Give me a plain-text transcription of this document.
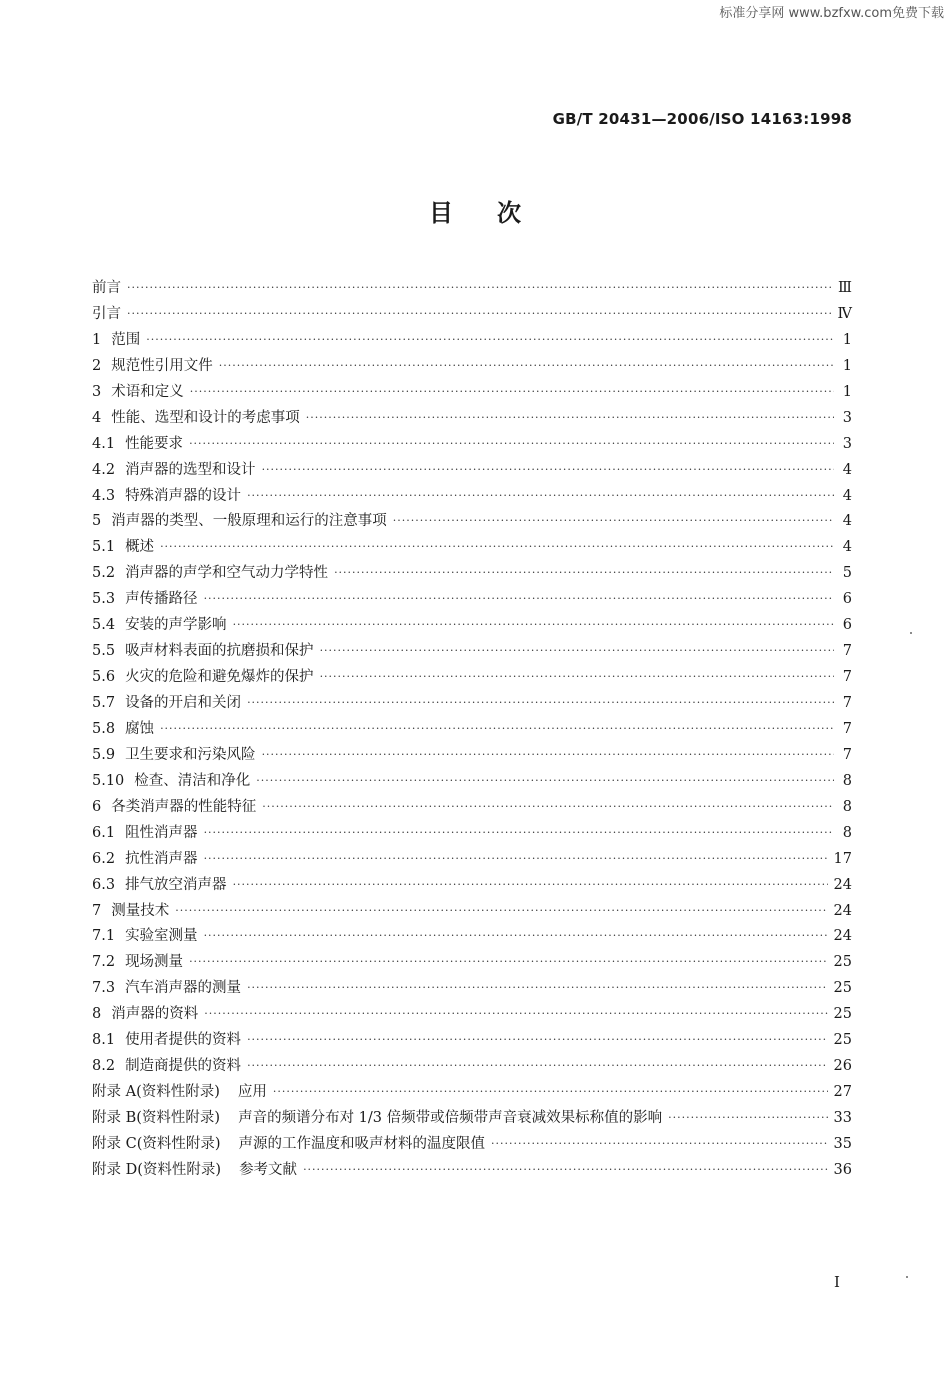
标准分享网 www.bzfxw.com免费下载
GB/T 20431—2006/ISO 14163:1998
目 次
前言 ·····	Ⅲ
引言 ·····	Ⅳ
1 范围 ·····	1
2 规范性引用文件 ·····	1
3 术语和定义 ·····	1
4 性能、选型和设计的考虑事项 ·····	3
4.1 性能要求 ·····	3
4.2 消声器的选型和设计 ·····	4
4.3 特殊消声器的设计 ·····	4
5 消声器的类型、一般原理和运行的注意事项 ·····	4
5.1 概述 ·····	4
5.2 消声器的声学和空气动力学特性 ·····	5
5.3 声传播路径 ·····	6
5.4 安装的声学影响 ·····	6
5.5 吸声材料表面的抗磨损和保护 ·····	7
5.6 火灾的危险和避免爆炸的保护 ·····	7
5.7 设备的开启和关闭 ·····	7
5.8 腐蚀 ·····	7
5.9 卫生要求和污染风险 ·····	7
5.10 检查、清洁和净化 ·····	8
6 各类消声器的性能特征 ·····	8
6.1 阻性消声器 ·····	8
6.2 抗性消声器 ·····	17
6.3 排气放空消声器 ·····	24
7 测量技术 ·····	24
7.1 实验室测量 ·····	24
7.2 现场测量 ·····	25
7.3 汽车消声器的测量 ·····	25
8 消声器的资料 ·····	25
8.1 使用者提供的资料 ·····	25
8.2 制造商提供的资料 ·····	26
附录 A(资料性附录) 应用 ·····	27
附录 B(资料性附录) 声音的频谱分布对 1/3 倍频带或倍频带声音衰减效果标称值的影响 ·····	33
附录 C(资料性附录) 声源的工作温度和吸声材料的温度限值 ·····	35
附录 D(资料性附录) 参考文献 ·····	36
I
